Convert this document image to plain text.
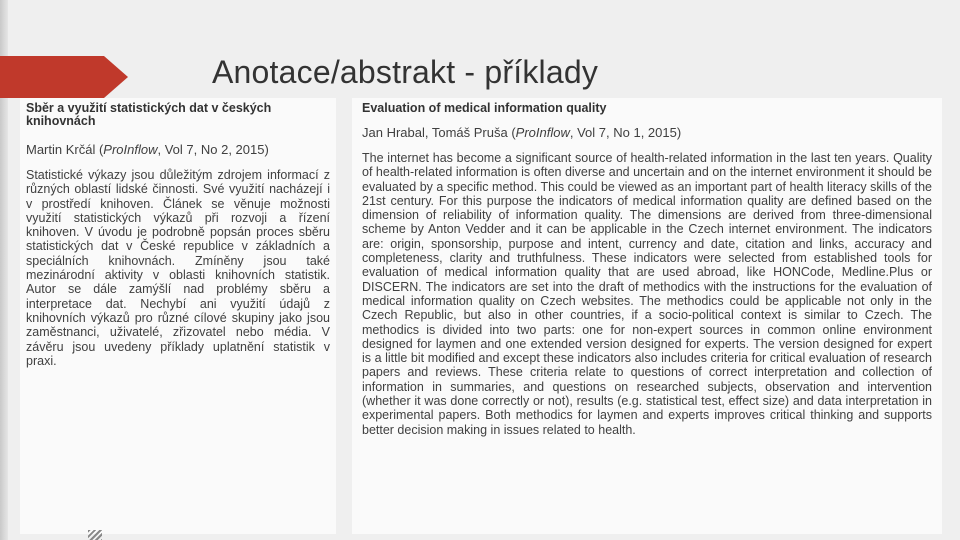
Anotace/abstrakt - příklady
Sběr a využití statistických dat v českých knihovnách
Martin Krčál (ProInflow, Vol 7, No 2, 2015)
Statistické výkazy jsou důležitým zdrojem informací z různých oblastí lidské činnosti. Své využití nacházejí i v prostředí knihoven. Článek se věnuje možnosti využití statistických výkazů při rozvoji a řízení knihoven. V úvodu je podrobně popsán proces sběru statistických dat v České republice v základních a speciálních knihovnách. Zmíněny jsou také mezinárodní aktivity v oblasti knihovních statistik. Autor se dále zamýšlí nad problémy sběru a interpretace dat. Nechybí ani využití údajů z knihovních výkazů pro různé cílové skupiny jako jsou zaměstnanci, uživatelé, zřizovatel nebo média. V závěru jsou uvedeny příklady uplatnění statistik v praxi.
Evaluation of medical information quality
Jan Hrabal, Tomáš Pruša (ProInflow, Vol 7, No 1, 2015)
The internet has become a significant source of health-related information in the last ten years. Quality of health-related information is often diverse and uncertain and on the internet environment it should be evaluated by a specific method. This could be viewed as an important part of health literacy skills of the 21st century. For this purpose the indicators of medical information quality are defined based on the dimension of reliability of information quality. The dimensions are derived from three-dimensional scheme by Anton Vedder and it can be applicable in the Czech internet environment. The indicators are: origin, sponsorship, purpose and intent, currency and date, citation and links, accuracy and completeness, clarity and truthfulness. These indicators were selected from established tools for evaluation of medical information quality that are used abroad, like HONCode, Medline.Plus or DISCERN. The indicators are set into the draft of methodics with the instructions for the evaluation of medical information quality on Czech websites. The methodics could be applicable not only in the Czech Republic, but also in other countries, if a socio-political context is similar to Czech. The methodics is divided into two parts: one for non-expert sources in common online environment designed for laymen and one extended version designed for experts. The version designed for expert is a little bit modified and except these indicators also includes criteria for critical evaluation of research papers and reviews. These criteria relate to questions of correct interpretation and collection of information in summaries, and questions on researched subjects, observation and intervention (whether it was done correctly or not), results (e.g. statistical test, effect size) and data interpretation in experimental papers. Both methodics for laymen and experts improves critical thinking and supports better decision making in issues related to health.
